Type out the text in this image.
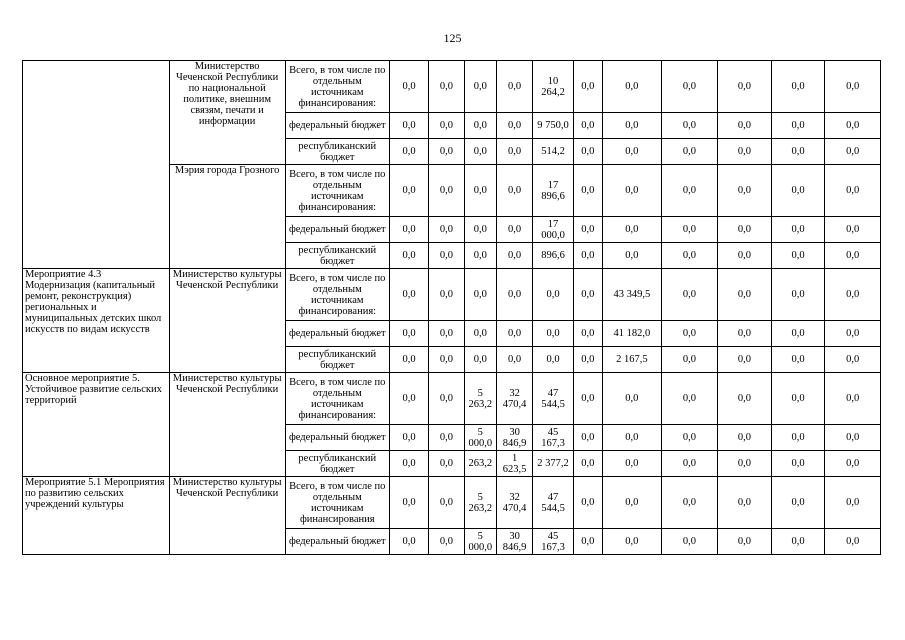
125
	Министерство Чеченской Республики по национальной политике, внешним связям, печати и информации	Всего, в том числе по отдельным источникам финансирования:	0,0	0,0	0,0	0,0	10 264,2	0,0	0,0	0,0	0,0	0,0	0,0
		федеральный бюджет	0,0	0,0	0,0	0,0	9 750,0	0,0	0,0	0,0	0,0	0,0	0,0
		республиканский бюджет	0,0	0,0	0,0	0,0	514,2	0,0	0,0	0,0	0,0	0,0	0,0
	Мэрия города Грозного	Всего, в том числе по отдельным источникам финансирования:	0,0	0,0	0,0	0,0	17 896,6	0,0	0,0	0,0	0,0	0,0	0,0
		федеральный бюджет	0,0	0,0	0,0	0,0	17 000,0	0,0	0,0	0,0	0,0	0,0	0,0
		республиканский бюджет	0,0	0,0	0,0	0,0	896,6	0,0	0,0	0,0	0,0	0,0	0,0
Мероприятие 4.3 Модернизация (капитальный ремонт, реконструкция) региональных и муниципальных детских школ искусств по видам искусств	Министерство культуры Чеченской Республики	Всего, в том числе по отдельным источникам финансирования:	0,0	0,0	0,0	0,0	0,0	0,0	43 349,5	0,0	0,0	0,0	0,0
		федеральный бюджет	0,0	0,0	0,0	0,0	0,0	0,0	41 182,0	0,0	0,0	0,0	0,0
		республиканский бюджет	0,0	0,0	0,0	0,0	0,0	0,0	2 167,5	0,0	0,0	0,0	0,0
Основное мероприятие 5. Устойчивое развитие сельских территорий	Министерство культуры Чеченской Республики	Всего, в том числе по отдельным источникам финансирования:	0,0	0,0	5 263,2	32 470,4	47 544,5	0,0	0,0	0,0	0,0	0,0	0,0
		федеральный бюджет	0,0	0,0	5 000,0	30 846,9	45 167,3	0,0	0,0	0,0	0,0	0,0	0,0
		республиканский бюджет	0,0	0,0	263,2	1 623,5	2 377,2	0,0	0,0	0,0	0,0	0,0	0,0
Мероприятие 5.1 Мероприятия по развитию сельских учреждений культуры	Министерство культуры Чеченской Республики	Всего, в том числе по отдельным источникам финансирования	0,0	0,0	5 263,2	32 470,4	47 544,5	0,0	0,0	0,0	0,0	0,0	0,0
		федеральный бюджет	0,0	0,0	5 000,0	30 846,9	45 167,3	0,0	0,0	0,0	0,0	0,0	0,0
